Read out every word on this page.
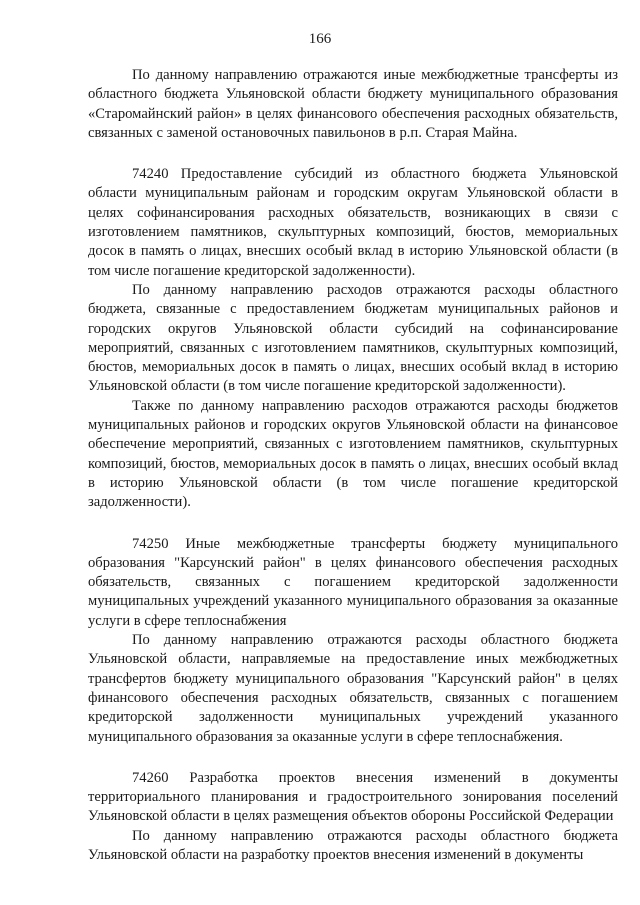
166

По данному направлению отражаются иные межбюджетные трансферты из областного бюджета Ульяновской области бюджету муниципального образования «Старомайнский район» в целях финансового обеспечения расходных обязательств, связанных с заменой остановочных павильонов в р.п. Старая Майна.

74240 Предоставление субсидий из областного бюджета Ульяновской области муниципальным районам и городским округам Ульяновской области в целях софинансирования расходных обязательств, возникающих в связи с изготовлением памятников, скульптурных композиций, бюстов, мемориальных досок в память о лицах, внесших особый вклад в историю Ульяновской области (в том числе погашение кредиторской задолженности).

По данному направлению расходов отражаются расходы областного бюджета, связанные с предоставлением бюджетам муниципальных районов и городских округов Ульяновской области субсидий на софинансирование мероприятий, связанных с изготовлением памятников, скульптурных композиций, бюстов, мемориальных досок в память о лицах, внесших особый вклад в историю Ульяновской области (в том числе погашение кредиторской задолженности).

Также по данному направлению расходов отражаются расходы бюджетов муниципальных районов и городских округов Ульяновской области на финансовое обеспечение мероприятий, связанных с изготовлением памятников, скульптурных композиций, бюстов, мемориальных досок в память о лицах, внесших особый вклад в историю Ульяновской области (в том числе погашение кредиторской задолженности).

74250 Иные межбюджетные трансферты бюджету муниципального образования "Карсунский район" в целях финансового обеспечения расходных обязательств, связанных с погашением кредиторской задолженности муниципальных учреждений указанного муниципального образования за оказанные услуги в сфере теплоснабжения

По данному направлению отражаются расходы областного бюджета Ульяновской области, направляемые на предоставление иных межбюджетных трансфертов бюджету муниципального образования "Карсунский район" в целях финансового обеспечения расходных обязательств, связанных с погашением кредиторской задолженности муниципальных учреждений указанного муниципального образования за оказанные услуги в сфере теплоснабжения.

74260 Разработка проектов внесения изменений в документы территориального планирования и градостроительного зонирования поселений Ульяновской области в целях размещения объектов обороны Российской Федерации

По данному направлению отражаются расходы областного бюджета Ульяновской области на разработку проектов внесения изменений в документы
